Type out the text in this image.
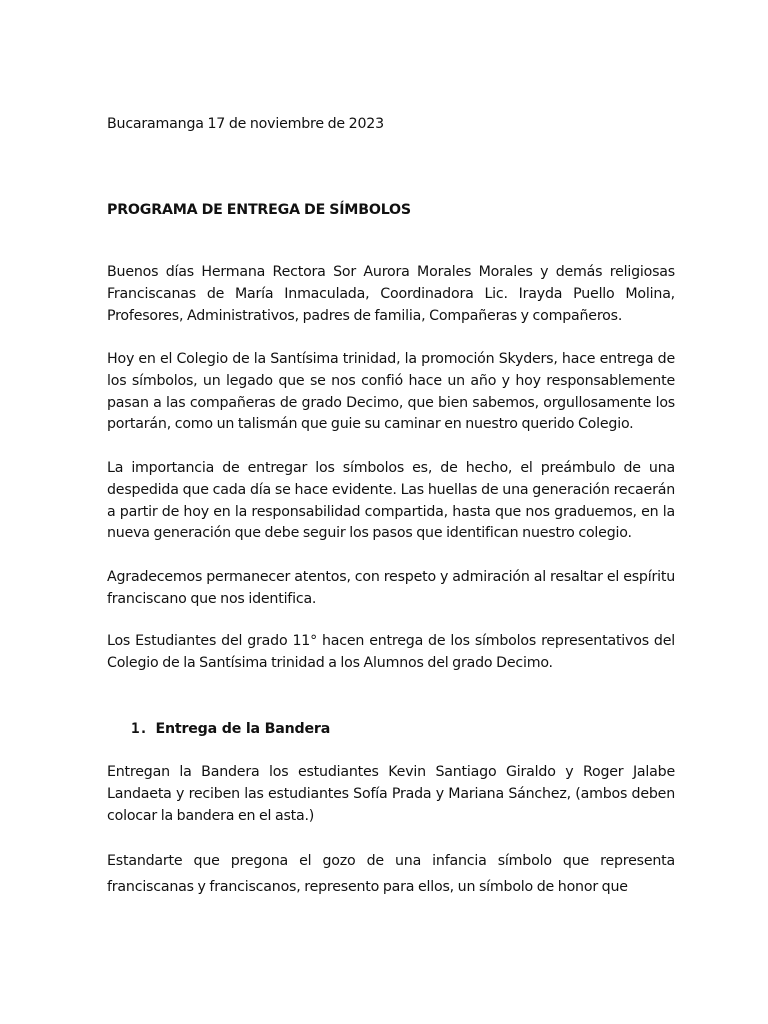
Bucaramanga 17 de noviembre de 2023

PROGRAMA DE ENTREGA DE SÍMBOLOS

Buenos días Hermana Rectora Sor Aurora Morales Morales y demás religiosas Franciscanas de María Inmaculada, Coordinadora Lic. Irayda Puello Molina, Profesores, Administrativos, padres de familia, Compañeras y compañeros.

Hoy en el Colegio de la Santísima trinidad, la promoción Skyders, hace entrega de los símbolos, un legado que se nos confió hace un año y hoy responsablemente pasan a las compañeras de grado Decimo, que bien sabemos, orgullosamente los portarán, como un talismán que guie su caminar en nuestro querido Colegio.

La importancia de entregar los símbolos es, de hecho, el preámbulo de una despedida que cada día se hace evidente. Las huellas de una generación recaerán a partir de hoy en la responsabilidad compartida, hasta que nos graduemos, en la nueva generación que debe seguir los pasos que identifican nuestro colegio.

Agradecemos permanecer atentos, con respeto y admiración al resaltar el espíritu franciscano que nos identifica.

Los Estudiantes del grado 11° hacen entrega de los símbolos representativos del Colegio de la Santísima trinidad a los Alumnos del grado Decimo.

1. Entrega de la Bandera

Entregan la Bandera los estudiantes Kevin Santiago Giraldo y Roger Jalabe Landaeta y reciben las estudiantes Sofía Prada y Mariana Sánchez, (ambos deben colocar la bandera en el asta.)

Estandarte que pregona el gozo de una infancia símbolo que representa franciscanas y franciscanos, represento para ellos, un símbolo de honor que
